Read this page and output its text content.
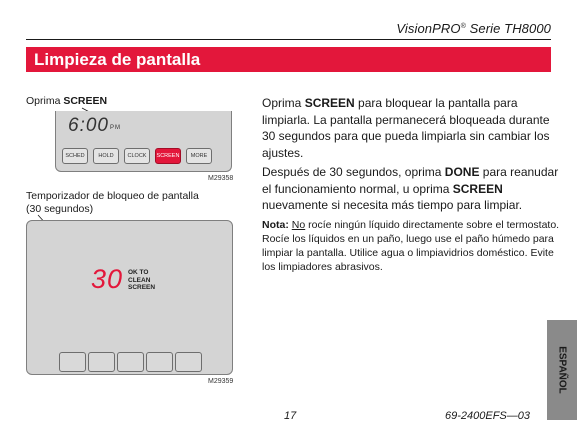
VisionPRO® Serie TH8000
Limpieza de pantalla
Oprima SCREEN
6:00PM
SCHED	HOLD	CLOCK	SCREEN	MORE
M29358
Temporizador de bloqueo de pantalla
(30 segundos)
30 OK TO
CLEAN
SCREEN
M29359
Oprima SCREEN para bloquear la pantalla para limpiarla. La pantalla permanecerá bloqueada durante 30 segundos para que pueda limpiarla sin cambiar los ajustes.
Después de 30 segundos, oprima DONE para reanudar el funcionamiento normal, u oprima SCREEN nuevamente si necesita más tiempo para limpiar.
Nota: No rocíe ningún líquido directamente sobre el termostato. Rocíe los líquidos en un paño, luego use el paño húmedo para limpiar la pantalla. Utilice agua o limpiavidrios doméstico. Evite los limpiadores abrasivos.
ESPAÑOL
17	69-2400EFS—03
